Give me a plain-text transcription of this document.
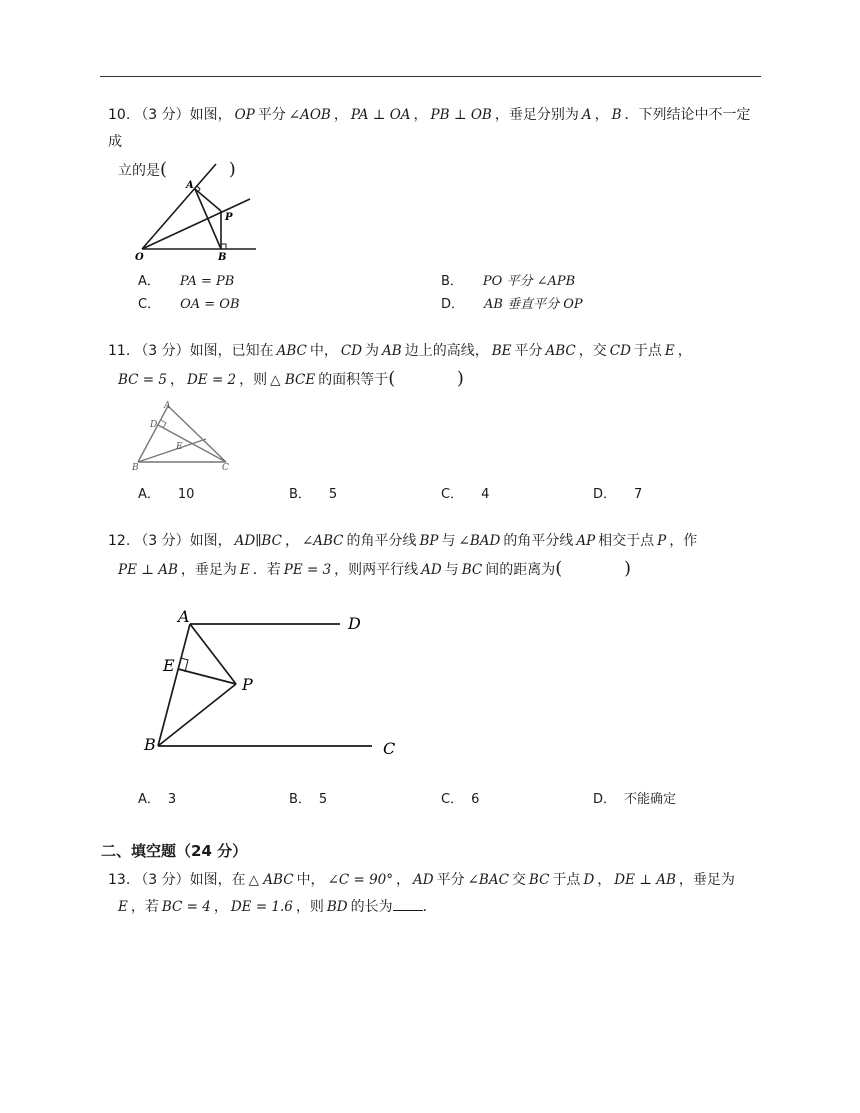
10. （3 分）如图， OP 平分 ∠AOB ， PA ⊥ OA ， PB ⊥ OB ，垂足分别为 A ， B ．下列结论中不一定成
立的是( )
A
P
O	B
A． PA = PB	B． PO 平分 ∠APB
C． OA = OB	D． AB 垂直平分 OP
11. （3 分）如图，已知在 ABC 中， CD 为 AB 边上的高线， BE 平分 ABC ，交 CD 于点 E ，
BC = 5 ， DE = 2 ，则 △ BCE 的面积等于( )
A
D
E
B	C
A． 10	B． 5	C． 4	D． 7
12. （3 分）如图， AD∥BC ， ∠ABC 的角平分线 BP 与 ∠BAD 的角平分线 AP 相交于点 P ，作
PE ⊥ AB ，垂足为 E ．若 PE = 3 ，则两平行线 AD 与 BC 间的距离为( )
A	D
E
P
B	C
A． 3	B． 5	C． 6	D． 不能确定
二、填空题（24 分）
13. （3 分）如图，在 △ ABC 中， ∠C = 90° ， AD 平分 ∠BAC 交 BC 于点 D ， DE ⊥ AB ，垂足为
E ，若 BC = 4 ， DE = 1.6 ，则 BD 的长为 ．
